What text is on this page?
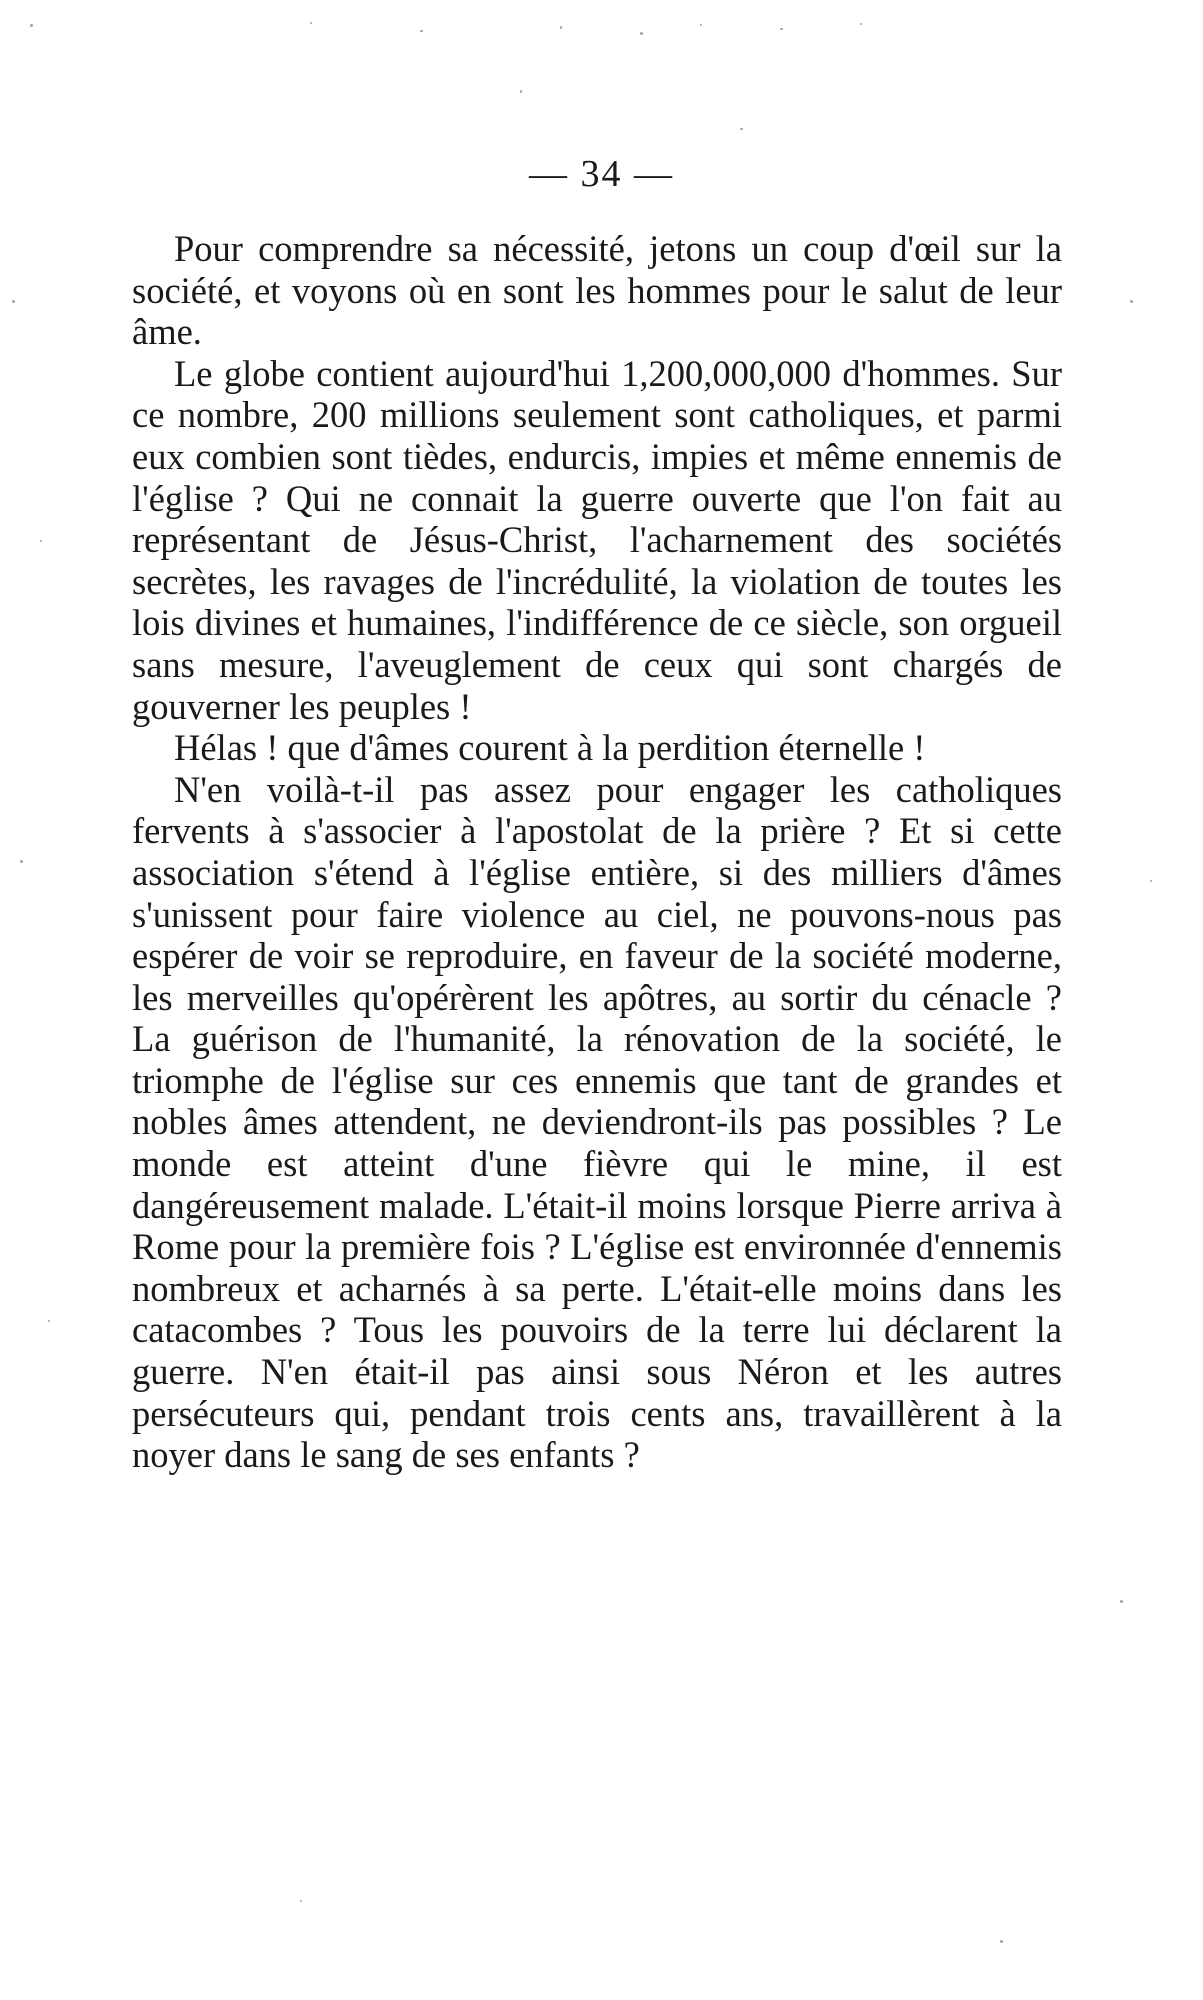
— 34 —

Pour comprendre sa nécessité, jetons un coup d'œil sur la société, et voyons où en sont les hommes pour le salut de leur âme.

Le globe contient aujourd'hui 1,200,000,000 d'hommes. Sur ce nombre, 200 millions seulement sont catholiques, et parmi eux combien sont tièdes, endurcis, impies et même ennemis de l'église ? Qui ne connait la guerre ouverte que l'on fait au représentant de Jésus-Christ, l'acharnement des sociétés secrètes, les ravages de l'incrédulité, la violation de toutes les lois divines et humaines, l'indifférence de ce siècle, son orgueil sans mesure, l'aveuglement de ceux qui sont chargés de gouverner les peuples !

Hélas ! que d'âmes courent à la perdition éternelle !

N'en voilà-t-il pas assez pour engager les catholiques fervents à s'associer à l'apostolat de la prière ? Et si cette association s'étend à l'église entière, si des milliers d'âmes s'unissent pour faire violence au ciel, ne pouvons-nous pas espérer de voir se reproduire, en faveur de la société moderne, les merveilles qu'opérèrent les apôtres, au sortir du cénacle ? La guérison de l'humanité, la rénovation de la société, le triomphe de l'église sur ces ennemis que tant de grandes et nobles âmes attendent, ne deviendront-ils pas possibles ? Le monde est atteint d'une fièvre qui le mine, il est dangéreusement malade. L'était-il moins lorsque Pierre arriva à Rome pour la première fois ? L'église est environnée d'ennemis nombreux et acharnés à sa perte. L'était-elle moins dans les catacombes ? Tous les pouvoirs de la terre lui déclarent la guerre. N'en était-il pas ainsi sous Néron et les autres persécuteurs qui, pendant trois cents ans, travaillèrent à la noyer dans le sang de ses enfants ?
